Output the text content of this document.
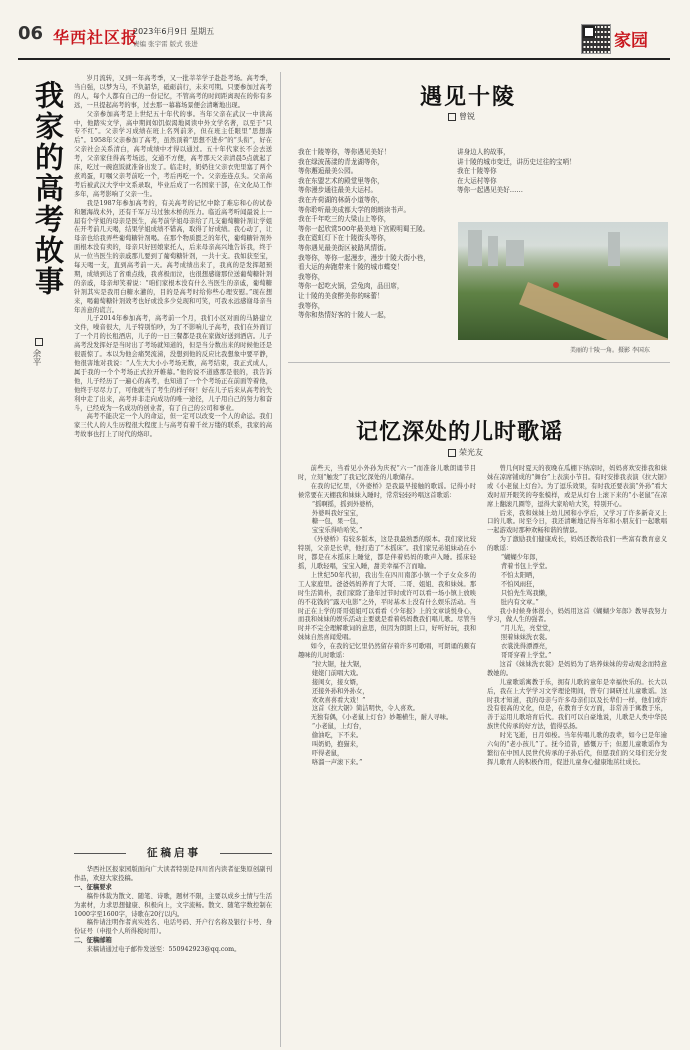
06 华西社区报
2023年6月9日 星期五
责编 张宇雷 版式 张进	家园
我家的高考故事
余平

岁月流转，又到一年高考季，又一批莘莘学子赴赴考场。高考季，当自强，以梦为马，不负韶华，砥砺前行，未来可期。只要参加过高考的人，每个人都有自己的一份记忆，不管高考的时间距离现在的你有多远，一旦提起高考的事，过去那一幕幕场景便会清晰地出现。

父亲参加高考是上世纪五十年代的事。当年父亲在武汉一中读高中，他踏实文学，高中期间如饥似渴地阅读中外文学名著，以至于“只专不红”。父亲学习成绩在班上名列前茅，但在班主任眼里“思想落后”。1958年父亲参加了高考，虽然顶着“思想不进步”的“头衔”，好在父亲社会关系清白，高考成绩中才得以通过。五十年代家长不会去送考，父亲家住得高考场远，交通不方便，高考那天父亲清晨5点就起了床，吃过一碗泡饭就准备出发了。临走时，奶奶往父亲衣兜里塞了两个煮鸡蛋，叮嘱父亲考前吃一个，考后再吃一个。父亲连连点头。父亲高考后被武汉大学中文系录取，毕业后成了一名国家干部，在文化局工作多年，高考影响了父亲一生。

我是1987年参加高考的，有关高考的记忆中除了难忘和心的试卷和题海战术外，还有千军万马过独木桥的压力。临近高考听闻最说上一届有个学姐的母亲是医生，高考前学姐母亲给了几支葡萄糖针剂让学姐在开考前几天喝，结果学姐成绩不错高，取得了好成绩。我心动了，让母亲也给我弄些葡萄糖针剂喝。在那个物质匮乏的年代，葡萄糖针剂外面根本没有卖的，母亲只好回娘家托人，后来母亲高兴地告诉我，终于从一位当医生的亲戚那儿要到了葡萄糖针剂，一共十支。我如获至宝，每天喝一支，直到高考前一天。高考成绩出来了，我真的是发挥超预期，成绩到达了省重点线，我喜极而泣，也很想感谢那位送葡萄糖针剂的亲戚，母亲却笑着说：“咱们家根本没有什么当医生的亲戚，葡萄糖针剂其实是我用白糖水灌的，目的是高考时给你些心理安慰。”现在想来，喝葡萄糖针剂效考也好或没多少兑现和可笑，可我永远感谢母亲当年善意的谎言。

儿子2014年参加高考，高考前一个月，我们小区对面的马路建立文件，噪音很大，儿子特别怕吵，为了不影响儿子高考，我们在外面订了一个月的长租酒店，儿子的一日三餐都是我在家做好送到酒店。儿子高考没发挥好是当时出了考场就知道的，但是当分数出来的时候他还是很震惊了。本以为他会痛哭流涕，没想到他的反应比我想象中要平静，他很害地对我说：“人生大大小小考场无数，高考结束，我正式成人，属于我的一个个考场正式拉开帷幕。”他的说不道感那是很的，我告诉他，儿子经历了一遍心的高考，也知道了一个个考场正在前面等着他，他终于尽尽力了，可他就当了考生的样子呀！好在儿子后来从高考的失利中走了出来，高考并非走向成功的唯一途径，儿子用自己的努力和奋斗，已经成为一名成功的创业者，有了自己的公司和事业。

高考不能决定一个人的命运，但一定可以改变一个人的命运。我们家三代人的人生历程很大程度上与高考有着千丝万缕的联系，我家的高考故事也打上了时代的烙印。

征稿启事

华西社区报家园版面向广大读者特别是四川省内读者征集原创副刊作品，欢迎大家投稿。

一、征稿要求

稿件体裁为散文、随笔、诗歌，题材不限，主要以成乡土情与生活为素材，力求思想健康、积极向上，文字流畅。散文、随笔字数控制在1000字至1600字，诗歌在20行以内。

稿件请注明作者真实姓名、电话号码、开户行名称及银行卡号、身份证号（申报个人所得税时用）。

二、征稿邮箱

来稿请通过电子邮件发送至：550942923@qq.com。

遇见十陵
曾锐
我在十陵等你，等你遇见美好！
我在绿波荡漾的青龙湖等你，
等你邂逅最美公园。
我在东盟艺术的殿堂里等你，
等你漫步通往最美大运村。
我在卉荷湖的林荫小道等你，
等你聆听最美成都大学的朗朗读书声。
我在千年吃三的大梁山上等你，
等你一起欣赏500年最美地下宫殿明蜀王陵。
我在霓虹灯下在十陵街头等你，
等你遇见最美街区被路风情街。
我等你，等你一起漫步，漫步十陵大街小巷，
看大运的奔跑带来十陵的城市蝶变！
我等你，
等你一起吃火锅，尝兔肉，品田席，
让十陵的美食醉美你的味蕾！
我等你，
等你和热情好客的十陵人一起，
讲身边人的故事，
讲十陵的城市变迁，讲历史过往的宝哨！
我在十陵等你
在大运村等你
等你一起遇见美好……
美丽的十陵一角。摄影 李国东
记忆深处的儿时歌谣
荣光友

前些天，当看见小外孙为庆祝“六一”而准备儿歌朗诵节目时，立刻“触发”了我记忆深处的儿歌储存。

在我的记忆里，《外婆桥》是我最早接触的歌谣。记得小时候常要在天棚我和妹妹入睡时，常常轻轻吟唱这首歌谣：

“摇啊摇，摇到外婆桥，

外婆叫我好宝宝，

糖一包，果一包，

宝宝乐得哈哈笑。”

《外婆桥》有较多版本，这是我最熟悉的版本。我们家比较特别，父亲是长辈，他打造了“木摇床”。我们家兄弟姐妹动在小时，都是在木摇床上睡觉，都是伴着妈妈的歌声入睡。摇床轻摇，儿歌轻唱，宝宝入睡，甜美幸福不言而喻。

上世纪50年代初，我出生在四川南部小镇一个子女众多的工人家庭里。爸爸妈妈养育了大哥、二哥、姐姐、我和妹妹。那时生活简朴，我们家除了逢年过节时或许可以看一场小镇上放映的不花钱的“露天电影”之外，平时基本上没有什么娱乐活动。当时正在上学的哥哥姐姐可以看看《少年报》上的文章谈悦身心，而我和妹妹的娱乐活动主要就是看着妈妈教我们唱儿歌。尽管当时并不完全理解歌词的意思，但因为朗朗上口，好听好玩，我和妹妹自然喜闻爱唱。

如今，在我的记忆里仍然留存着许多可歌唱，可朗诵的颇有趣味的儿时歌谣：

“拉大锯，扯大锯，

姥姥门前唱大戏。

接闺女，接女婿，

还接外孙和外孙女，

欢欢喜喜看大戏！”

这首《拉大锯》简洁明快，令人喜欢。

无独有偶，《小老鼠上灯台》妙趣横生，耐人寻味。

“小老鼠，上灯台，

偷油吃，下不来。

叫奶奶，抱猫来，

吓得老鼠，

咯溜一声滚下来。”

曾几何时夏天的夜晚在瓜棚下纳凉时，妈妈喜欢安排我和妹妹在凉席铺成的“舞台”上表演小节目。有时安排我表演《拉大锯》或《小老鼠上灯台》。为了逗乐效果，有时我还要表演“外孙”看大戏时眉开眼笑的夸张模样，或是从灯台上滚下来的“小老鼠”在凉席上翻滚几圈等，逗得大家哈哈大笑，特别开心。

后来，我和妹妹上幼儿园和小学后，又学习了许多新奇又上口的儿歌。时至今日，我还清晰地记得当年和小朋友们一起歌唱一起游戏时那种欢畅和谐的情景。

为了激励我们健康成长，妈妈还教给我们一些富有教育意义的歌谣：

“蝴蝴少年郎，

背着书包上学堂。

不怕太阳晒，

不怕风雨狂，

只怕先生骂我懒，

肚内有文章。”

我小时候身体很小，妈妈用这首《蝴蝴少年郎》教导我努力学习，做人生的强者。

“月儿光，亮堂堂，

照着妹妹洗衣裳。

衣裳洗得漂漂亮，

哥哥穿着上学堂。”

这首《妹妹洗衣裳》是妈妈为了培养妹妹的劳动观念而特意教她的。

儿童歌谣寓教于乐，拥有儿歌的童年是幸福快乐的。长大以后，我在上大学学习文学理论期间，曾专门调研过儿童歌谣。这时我才知道，我的母亲与许多母亲们以及长辈们一样，他们或许没有很高的文化，但是，在教育子女方面，非常善于寓教于乐，善于运用儿歌培育后代。我们可以自豪地说，儿歌是人类中华民族世代传承的好方法，值得弘扬。

时光飞逝，日月如梭。当年传唱儿歌的我辈，如今已是年逾六旬的“老小孩儿”了。抚今追昔，感慨万千；但愿儿童歌谣作为繁衍在中国人民世代传承的子孙后代，但愿我们的父母们充分发挥儿歌育人的积极作用，促进儿童身心健康地茁壮成长。
